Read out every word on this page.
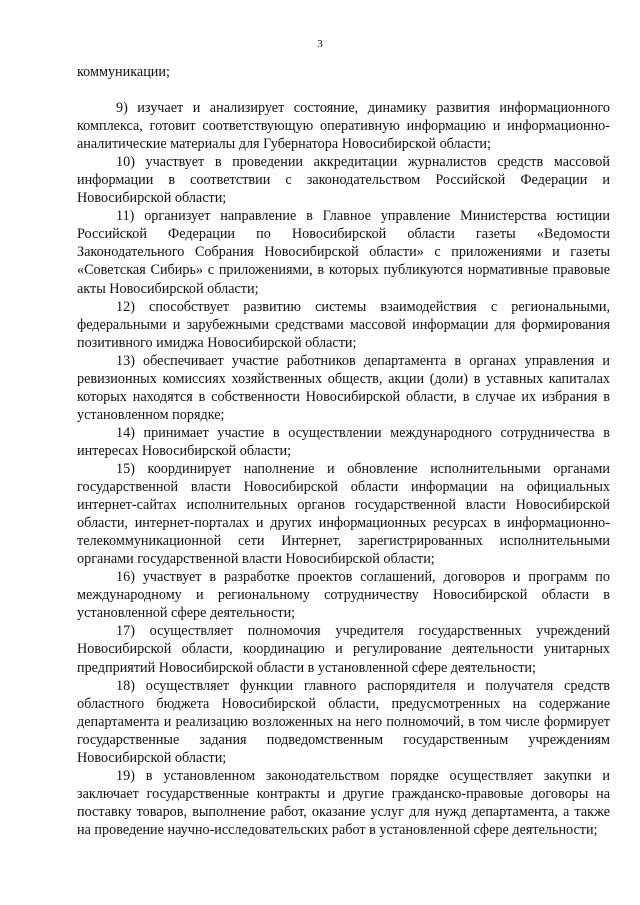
3

коммуникации;

9) изучает и анализирует состояние, динамику развития информационного комплекса, готовит соответствующую оперативную информацию и информационно-аналитические материалы для Губернатора Новосибирской области;

10) участвует в проведении аккредитации журналистов средств массовой информации в соответствии с законодательством Российской Федерации и Новосибирской области;

11) организует направление в Главное управление Министерства юстиции Российской Федерации по Новосибирской области газеты «Ведомости Законодательного Собрания Новосибирской области» с приложениями и газеты «Советская Сибирь» с приложениями, в которых публикуются нормативные правовые акты Новосибирской области;

12) способствует развитию системы взаимодействия с региональными, федеральными и зарубежными средствами массовой информации для формирования позитивного имиджа Новосибирской области;

13) обеспечивает участие работников департамента в органах управления и ревизионных комиссиях хозяйственных обществ, акции (доли) в уставных капиталах которых находятся в собственности Новосибирской области, в случае их избрания в установленном порядке;

14) принимает участие в осуществлении международного сотрудничества в интересах Новосибирской области;

15) координирует наполнение и обновление исполнительными органами государственной власти Новосибирской области информации на официальных интернет-сайтах исполнительных органов государственной власти Новосибирской области, интернет-порталах и других информационных ресурсах в информационно-телекоммуникационной сети Интернет, зарегистрированных исполнительными органами государственной власти Новосибирской области;

16) участвует в разработке проектов соглашений, договоров и программ по международному и региональному сотрудничеству Новосибирской области в установленной сфере деятельности;

17) осуществляет полномочия учредителя государственных учреждений Новосибирской области, координацию и регулирование деятельности унитарных предприятий Новосибирской области в установленной сфере деятельности;

18) осуществляет функции главного распорядителя и получателя средств областного бюджета Новосибирской области, предусмотренных на содержание департамента и реализацию возложенных на него полномочий, в том числе формирует государственные задания подведомственным государственным учреждениям Новосибирской области;

19) в установленном законодательством порядке осуществляет закупки и заключает государственные контракты и другие гражданско-правовые договоры на поставку товаров, выполнение работ, оказание услуг для нужд департамента, а также на проведение научно-исследовательских работ в установленной сфере деятельности;
